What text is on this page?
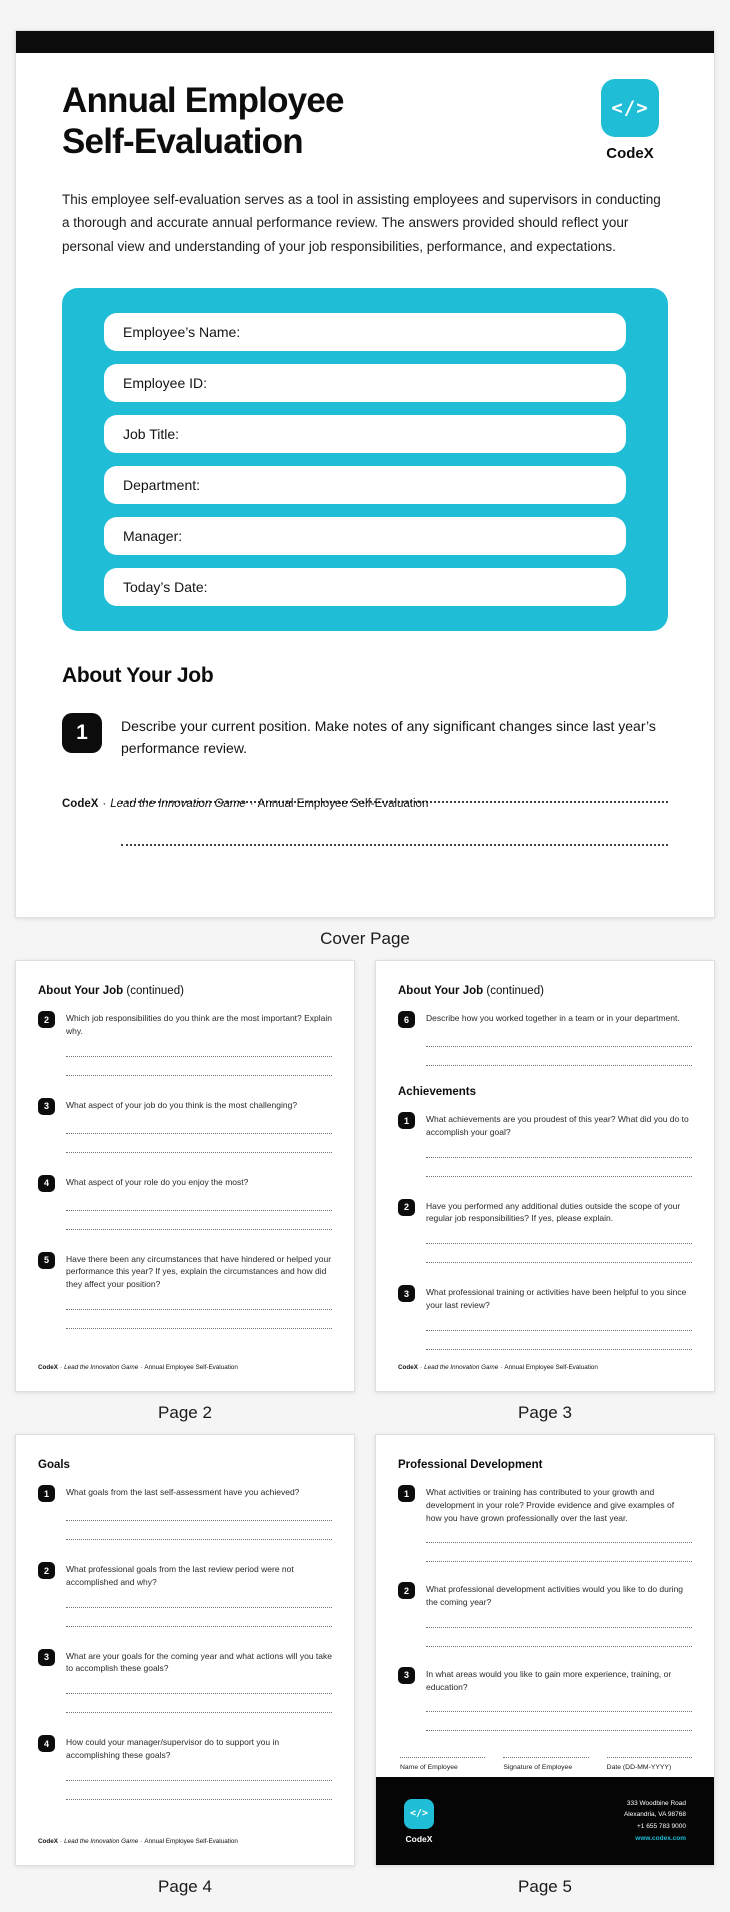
Annual Employee
Self-Evaluation
</>
CodeX
This employee self-evaluation serves as a tool in assisting employees and supervisors in conducting a thorough and accurate annual performance review. The answers provided should reflect your personal view and understanding of your job responsibilities, performance, and expectations.
Employee’s Name:
Employee ID:
Job Title:
Department:
Manager:
Today’s Date:
About Your Job
1	Describe your current position. Make notes of any significant changes since last year’s performance review.
CodeX · Lead the Innovation Game · Annual Employee Self-Evaluation
Cover Page
About Your Job (continued)
2	Which job responsibilities do you think are the most important? Explain why.
3	What aspect of your job do you think is the most challenging?
4	What aspect of your role do you enjoy the most?
5	Have there been any circumstances that have hindered or helped your performance this year? If yes, explain the circumstances and how did they affect your position?
CodeX · Lead the Innovation Game · Annual Employee Self-Evaluation
About Your Job (continued)
6	Describe how you worked together in a team or in your department.
Achievements
1	What achievements are you proudest of this year? What did you do to accomplish your goal?
2	Have you performed any additional duties outside the scope of your regular job responsibilities? If yes, please explain.
3	What professional training or activities have been helpful to you since your last review?
CodeX · Lead the Innovation Game · Annual Employee Self-Evaluation
Page 2	Page 3
Goals
1	What goals from the last self-assessment have you achieved?
2	What professional goals from the last review period were not accomplished and why?
3	What are your goals for the coming year and what actions will you take to accomplish these goals?
4	How could your manager/supervisor do to support you in accomplishing these goals?
CodeX · Lead the Innovation Game · Annual Employee Self-Evaluation
Professional Development
1	What activities or training has contributed to your growth and development in your role? Provide evidence and give examples of how you have grown professionally over the last year.
2	What professional development activities would you like to do during the coming year?
3	In what areas would you like to gain more experience, training, or education?
Name of Employee	Signature of Employee	Date (DD-MM-YYYY)
</>
CodeX
333 Woodbine Road
Alexandria, VA 98768
+1 655 783 9000
www.codex.com
Page 4	Page 5
